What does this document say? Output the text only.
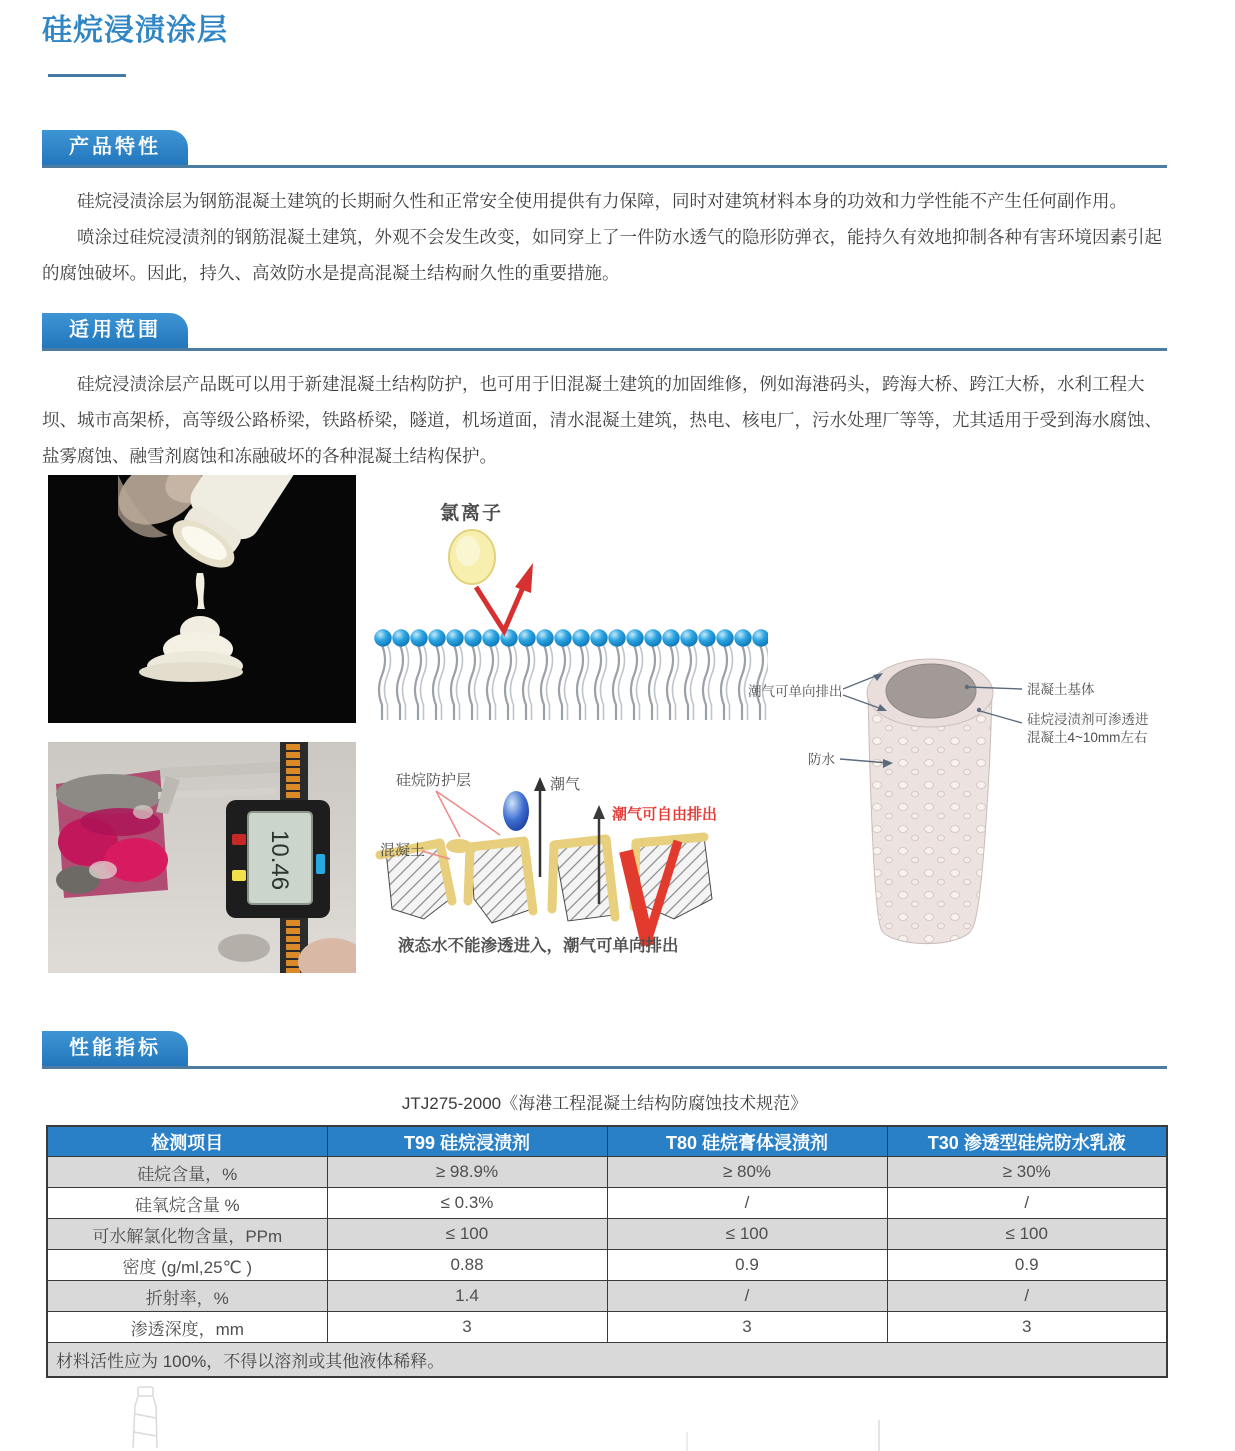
硅烷浸渍涂层
产品特性

硅烷浸渍涂层为钢筋混凝土建筑的长期耐久性和正常安全使用提供有力保障，同时对建筑材料本身的功效和力学性能不产生任何副作用。

喷涂过硅烷浸渍剂的钢筋混凝土建筑，外观不会发生改变，如同穿上了一件防水透气的隐形防弹衣，能持久有效地抑制各种有害环境因素引起的腐蚀破坏。因此，持久、高效防水是提高混凝土结构耐久性的重要措施。

适用范围

硅烷浸渍涂层产品既可以用于新建混凝土结构防护，也可用于旧混凝土建筑的加固维修，例如海港码头，跨海大桥、跨江大桥，水利工程大坝、城市高架桥，高等级公路桥梁，铁路桥梁，隧道，机场道面，清水混凝土建筑，热电、核电厂，污水处理厂等等，尤其适用于受到海水腐蚀、盐雾腐蚀、融雪剂腐蚀和冻融破坏的各种混凝土结构保护。

氯离子
潮气可单向排出	混凝土基体
硅烷浸渍剂可渗透进
混凝土4~10mm左右
防水
10.46
硅烷防护层	潮气
潮气可自由排出
混凝土
液态水不能渗透进入，潮气可单向排出
性能指标

JTJ275-2000《海港工程混凝土结构防腐蚀技术规范》

检测项目	T99 硅烷浸渍剂	T80 硅烷膏体浸渍剂	T30 渗透型硅烷防水乳液
硅烷含量，%	≥ 98.9%	≥ 80%	≥ 30%
硅氧烷含量 %	≤ 0.3%	/	/
可水解氯化物含量，PPm	≤ 100	≤ 100	≤ 100
密度 (g/ml,25℃ )	0.88	0.9	0.9
折射率，%	1.4	/	/
渗透深度，mm	3	3	3
材料活性应为 100%，不得以溶剂或其他液体稀释。			
